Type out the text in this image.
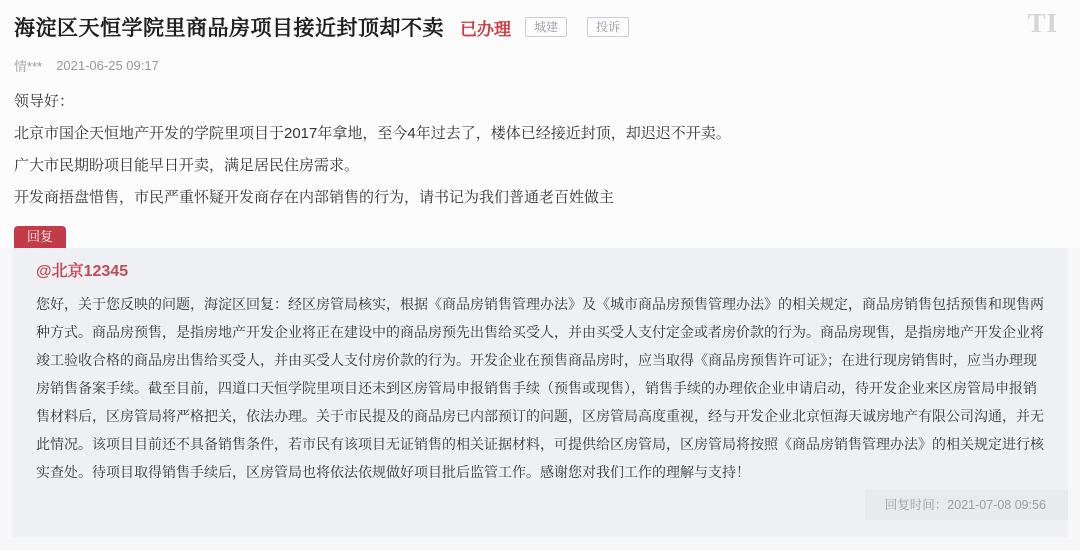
海淀区天恒学院里商品房项目接近封顶却不卖 已办理	城建	投诉	TI
情*** 2021-06-25 09:17

领导好：

北京市国企天恒地产开发的学院里项目于2017年拿地，至今4年过去了，楼体已经接近封顶，却迟迟不开卖。

广大市民期盼项目能早日开卖，满足居民住房需求。

开发商捂盘惜售，市民严重怀疑开发商存在内部销售的行为，请书记为我们普通老百姓做主

回复
@北京12345
您好，关于您反映的问题，海淀区回复：经区房管局核实，根据《商品房销售管理办法》及《城市商品房预售管理办法》的相关规定，商品房销售包括预售和现售两种方式。商品房预售，是指房地产开发企业将正在建设中的商品房预先出售给买受人，并由买受人支付定金或者房价款的行为。商品房现售，是指房地产开发企业将竣工验收合格的商品房出售给买受人，并由买受人支付房价款的行为。开发企业在预售商品房时，应当取得《商品房预售许可证》；在进行现房销售时，应当办理现房销售备案手续。截至目前，四道口天恒学院里项目还未到区房管局申报销售手续（预售或现售），销售手续的办理依企业申请启动，待开发企业来区房管局申报销售材料后，区房管局将严格把关，依法办理。关于市民提及的商品房已内部预订的问题，区房管局高度重视，经与开发企业北京恒海天诚房地产有限公司沟通，并无此情况。该项目目前还不具备销售条件，若市民有该项目无证销售的相关证据材料，可提供给区房管局，区房管局将按照《商品房销售管理办法》的相关规定进行核实查处。待项目取得销售手续后，区房管局也将依法依规做好项目批后监管工作。感谢您对我们工作的理解与支持！
回复时间：2021-07-08 09:56
